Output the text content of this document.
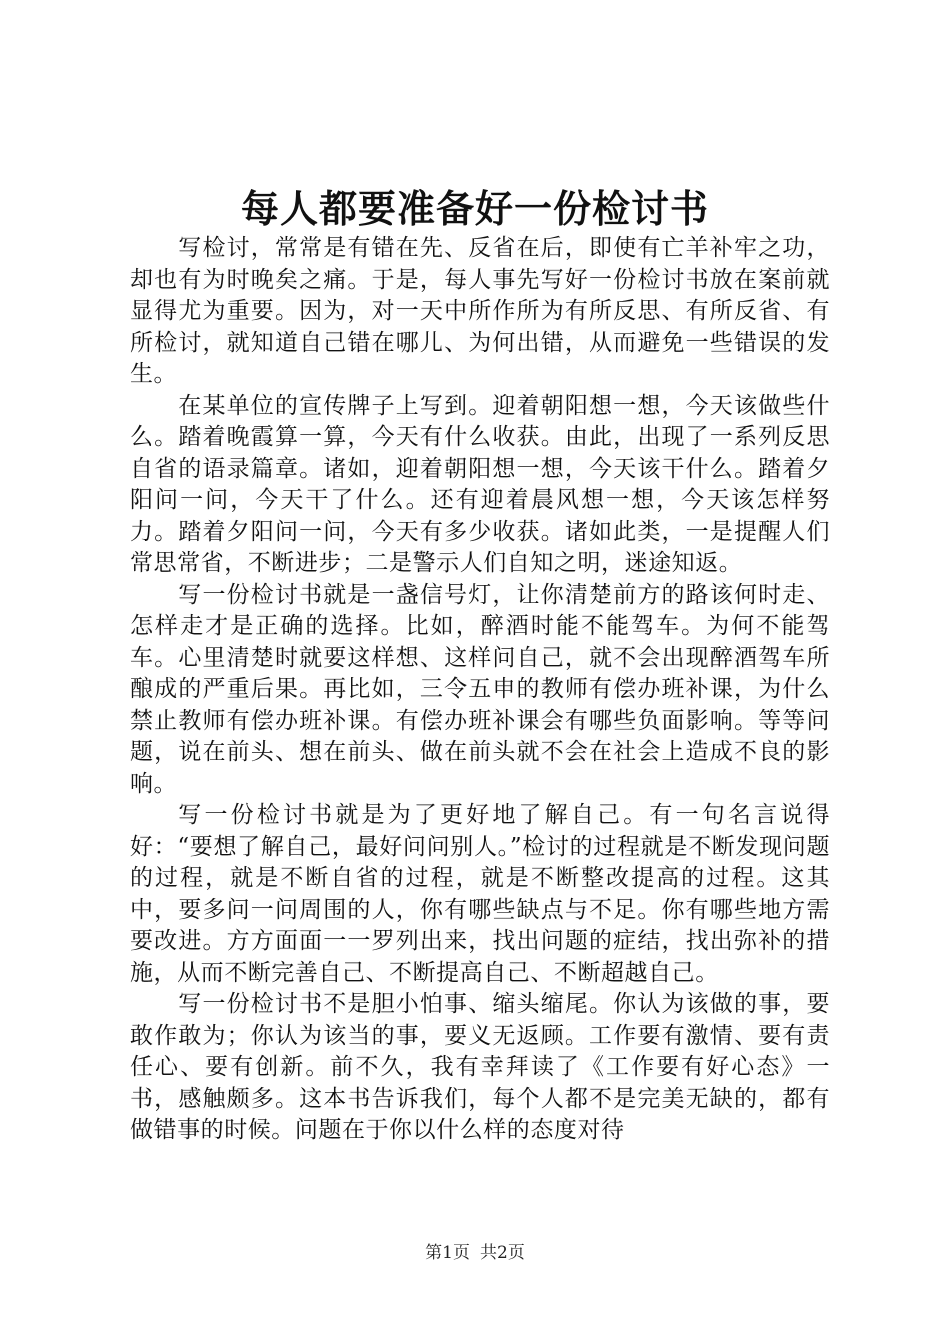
每人都要准备好一份检讨书

写检讨，常常是有错在先、反省在后，即使有亡羊补牢之功，却也有为时晚矣之痛。于是，每人事先写好一份检讨书放在案前就显得尤为重要。因为，对一天中所作所为有所反思、有所反省、有所检讨，就知道自己错在哪儿、为何出错，从而避免一些错误的发生。

在某单位的宣传牌子上写到。迎着朝阳想一想，今天该做些什么。踏着晚霞算一算，今天有什么收获。由此，出现了一系列反思自省的语录篇章。诸如，迎着朝阳想一想，今天该干什么。踏着夕阳问一问，今天干了什么。还有迎着晨风想一想，今天该怎样努力。踏着夕阳问一问，今天有多少收获。诸如此类，一是提醒人们常思常省，不断进步；二是警示人们自知之明，迷途知返。

写一份检讨书就是一盏信号灯，让你清楚前方的路该何时走、怎样走才是正确的选择。比如，醉酒时能不能驾车。为何不能驾车。心里清楚时就要这样想、这样问自己，就不会出现醉酒驾车所酿成的严重后果。再比如，三令五申的教师有偿办班补课，为什么禁止教师有偿办班补课。有偿办班补课会有哪些负面影响。等等问题，说在前头、想在前头、做在前头就不会在社会上造成不良的影响。

写一份检讨书就是为了更好地了解自己。有一句名言说得好：“要想了解自己，最好问问别人。”检讨的过程就是不断发现问题的过程，就是不断自省的过程，就是不断整改提高的过程。这其中，要多问一问周围的人，你有哪些缺点与不足。你有哪些地方需要改进。方方面面一一罗列出来，找出问题的症结，找出弥补的措施，从而不断完善自己、不断提高自己、不断超越自己。

写一份检讨书不是胆小怕事、缩头缩尾。你认为该做的事，要敢作敢为；你认为该当的事，要义无返顾。工作要有激情、要有责任心、要有创新。前不久，我有幸拜读了《工作要有好心态》一书，感触颇多。这本书告诉我们，每个人都不是完美无缺的，都有做错事的时候。问题在于你以什么样的态度对待

第1页 共2页
